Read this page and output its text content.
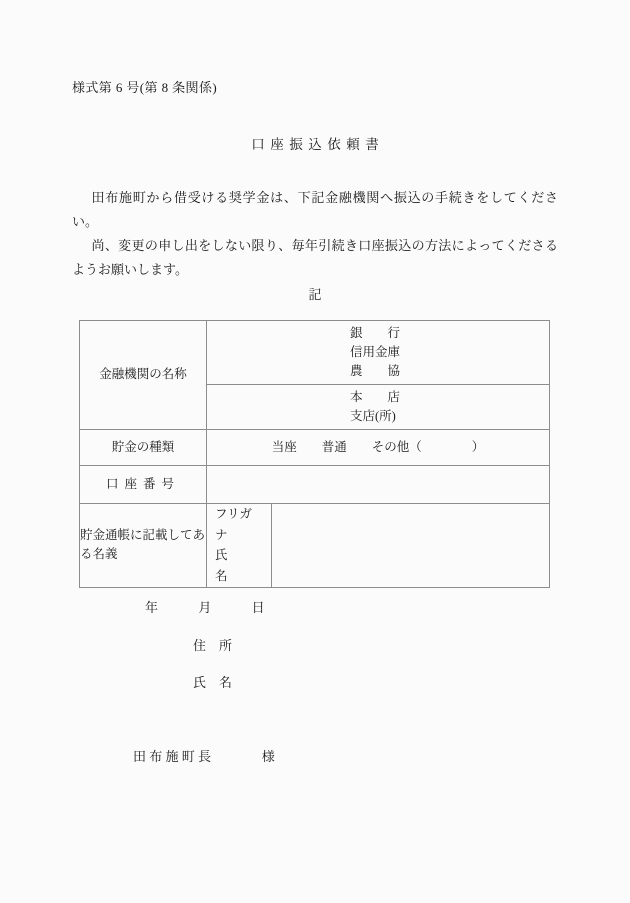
様式第 6 号(第 8 条関係)
口座振込依頼書

田布施町から借受ける奨学金は、下記金融機関へ振込の手続きをしてください。

尚、変更の申し出をしない限り、毎年引続き口座振込の方法によってくださるようお願いします。

記
金融機関の名称	銀　　行
信用金庫
農　　協	

	本　　店
支店(所)	

貯金の種類	当座　　普通　　その他（　　　　）	
口座番号		
貯金通帳に記載してある名義	フリガナ
氏　　名	

年	月	日
住　所
氏　名
田 布 施 町 長	様
